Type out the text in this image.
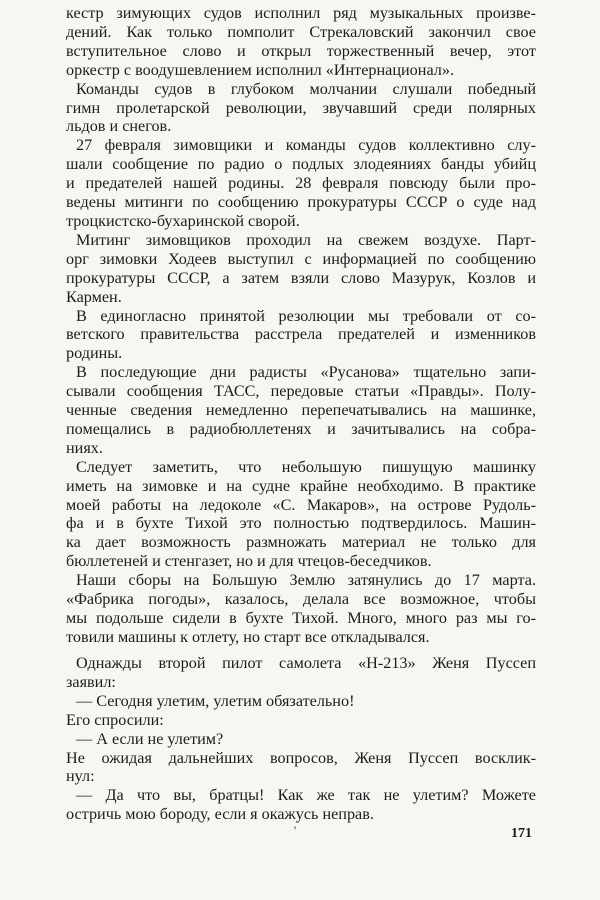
кестр зимующих судов исполнил ряд музыкальных произве-
дений. Как только помполит Стрекаловский закончил свое
вступительное слово и открыл торжественный вечер, этот
оркестр с воодушевлением исполнил «Интернационал».
Команды судов в глубоком молчании слушали победный
гимн пролетарской революции, звучавший среди полярных
льдов и снегов.
27 февраля зимовщики и команды судов коллективно слу-
шали сообщение по радио о подлых злодеяниях банды убийц
и предателей нашей родины. 28 февраля повсюду были про-
ведены митинги по сообщению прокуратуры СССР о суде над
троцкистско-бухаринской сворой.
Митинг зимовщиков проходил на свежем воздухе. Парт-
орг зимовки Ходеев выступил с информацией по сообщению
прокуратуры СССР, а затем взяли слово Мазурук, Козлов и
Кармен.
В единогласно принятой резолюции мы требовали от со-
ветского правительства расстрела предателей и изменников
родины.
В последующие дни радисты «Русанова» тщательно запи-
сывали сообщения ТАСС, передовые статьи «Правды». Полу-
ченные сведения немедленно перепечатывались на машинке,
помещались в радиобюллетенях и зачитывались на собра-
ниях.
Следует заметить, что небольшую пишущую машинку
иметь на зимовке и на судне крайне необходимо. В практике
моей работы на ледоколе «С. Макаров», на острове Рудоль-
фа и в бухте Тихой это полностью подтвердилось. Машин-
ка дает возможность размножать материал не только для
бюллетеней и стенгазет, но и для чтецов-беседчиков.
Наши сборы на Большую Землю затянулись до 17 марта.
«Фабрика погоды», казалось, делала все возможное, чтобы
мы подольше сидели в бухте Тихой. Много, много раз мы го-
товили машины к отлету, но старт все откладывался.
Однажды второй пилот самолета «Н-213» Женя Пуссеп
заявил:
— Сегодня улетим, улетим обязательно!
Его спросили:
— А если не улетим?
Не ожидая дальнейших вопросов, Женя Пуссеп восклик-
нул:
— Да что вы, братцы! Как же так не улетим? Можете
остричь мою бороду, если я окажусь неправ.
’	171
